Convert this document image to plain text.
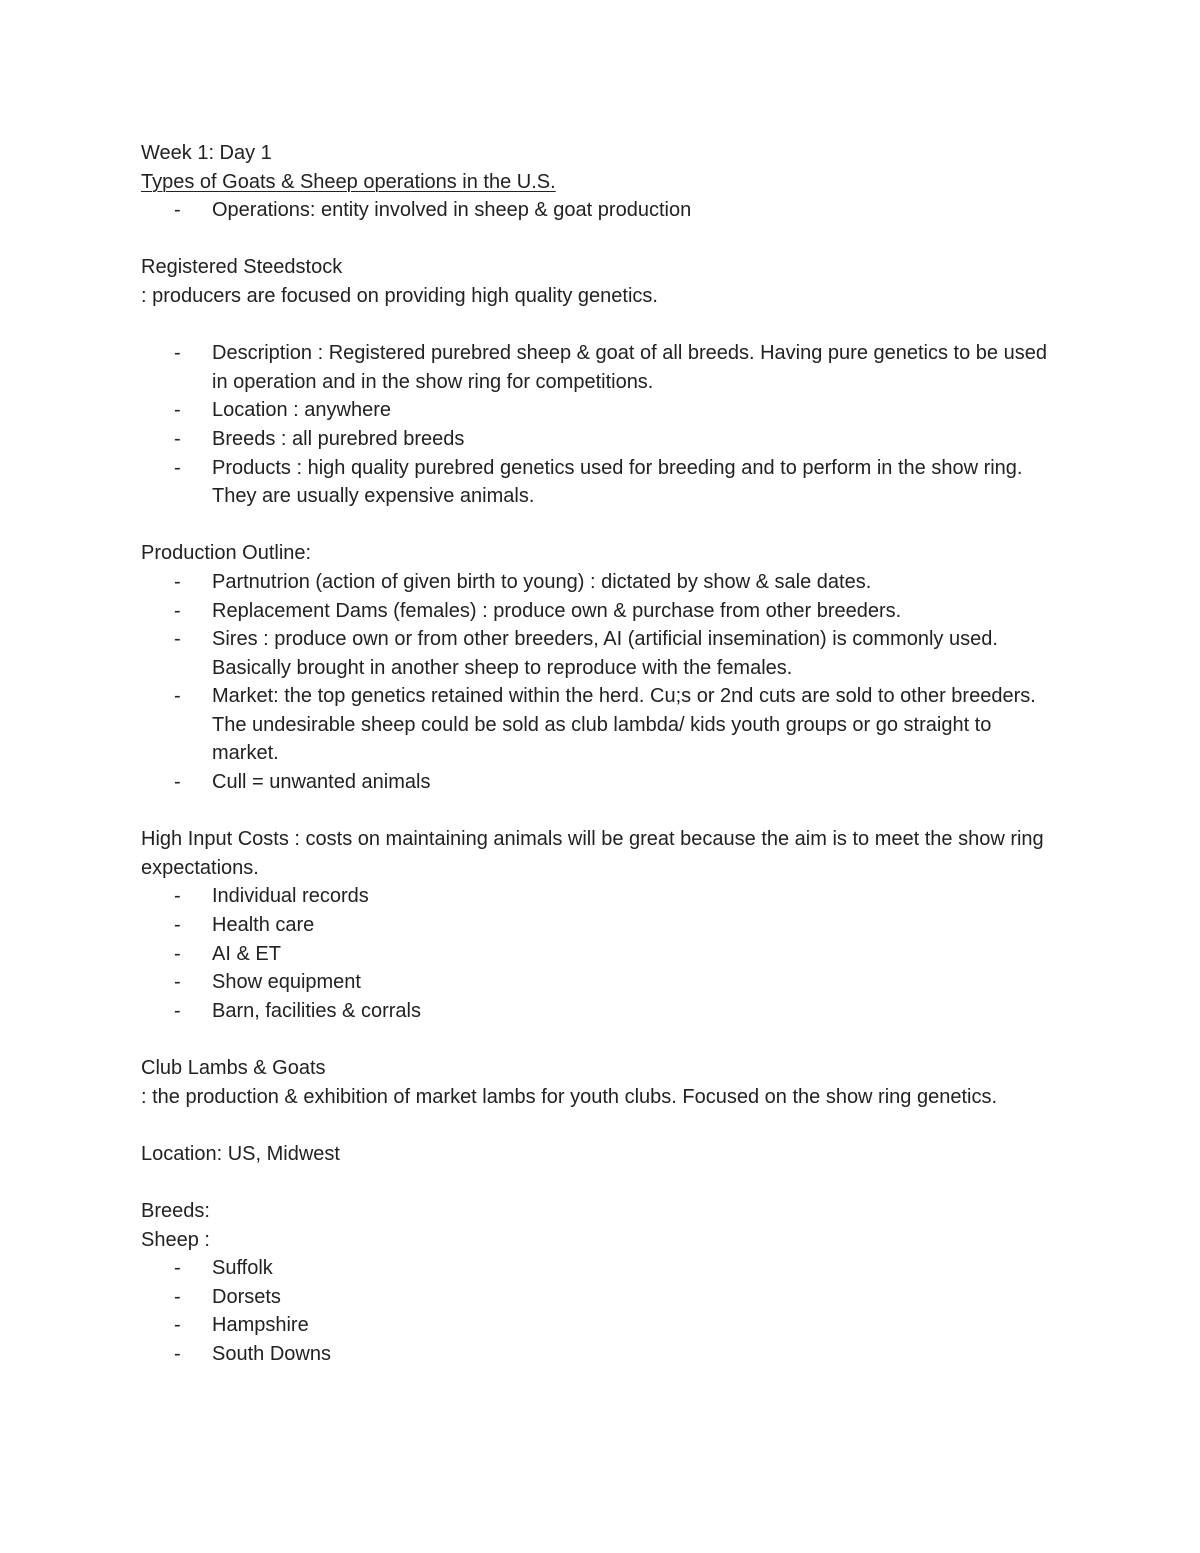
Week 1: Day 1

Types of Goats & Sheep operations in the U.S.

- Operations: entity involved in sheep & goat production

Registered Steedstock

: producers are focused on providing high quality genetics.

- Description : Registered purebred sheep & goat of all breeds. Having pure genetics to be used in operation and in the show ring for competitions.
- Location : anywhere
- Breeds : all purebred breeds
- Products : high quality purebred genetics used for breeding and to perform in the show ring. They are usually expensive animals.

Production Outline:

- Partnutrion (action of given birth to young) : dictated by show & sale dates.
- Replacement Dams (females) : produce own & purchase from other breeders.
- Sires : produce own or from other breeders, AI (artificial insemination) is commonly used. Basically brought in another sheep to reproduce with the females.
- Market: the top genetics retained within the herd. Cu;s or 2nd cuts are sold to other breeders. The undesirable sheep could be sold as club lambda/ kids youth groups or go straight to market.
- Cull = unwanted animals

High Input Costs : costs on maintaining animals will be great because the aim is to meet the show ring expectations.

- Individual records
- Health care
- AI & ET
- Show equipment
- Barn, facilities & corrals

Club Lambs & Goats

: the production & exhibition of market lambs for youth clubs. Focused on the show ring genetics.

Location: US, Midwest

Breeds:

Sheep :

- Suffolk
- Dorsets
- Hampshire
- South Downs
